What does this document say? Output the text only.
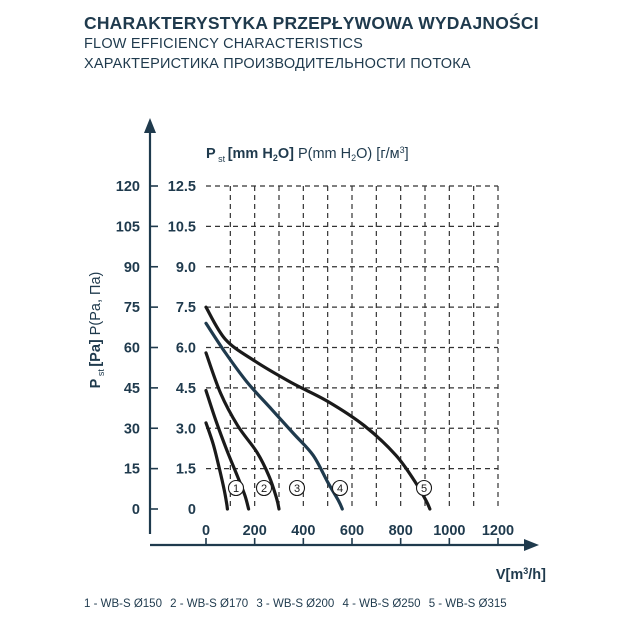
CHARAKTERYSTYKA PRZEPŁYWOWA WYDAJNOŚCI
FLOW EFFICIENCY CHARACTERISTICS
ХАРАКТЕРИСТИКА ПРОИЗВОДИТЕЛЬНОСТИ ПОТОКА
0	0
15 1.5
30 3.0
45 4.5
60 6.0
75 7.5
90 9.0
105 10.5
120 12.5
0 200 400 600 800 1000 1200
1 2 3	4	5
P $_{st}$ [Pa] P(Pa, Па)
P $_{st}$ [mm $H_2O$] P(mm $H_2O$) $[г/м^3]$
$V[m^3/h]$
1 - WB-S Ø150 2 - WB-S Ø170 3 - WB-S Ø200 4 - WB-S Ø250 5 - WB-S Ø315
